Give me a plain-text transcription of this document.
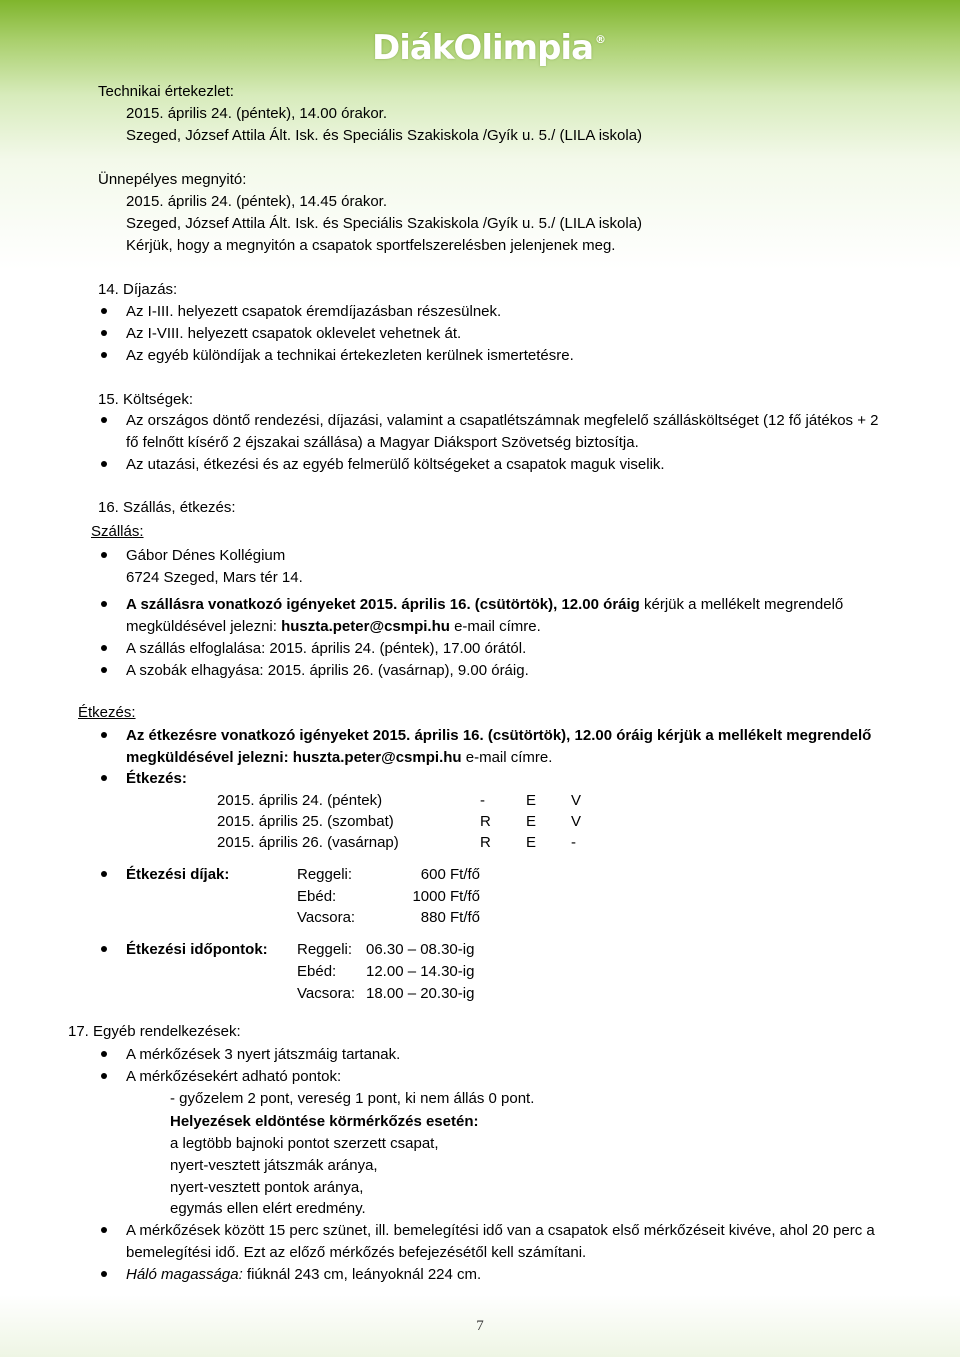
DiákOlimpia ®
Technikai értekezlet:
2015. április 24. (péntek), 14.00 órakor.
Szeged, József Attila Ált. Isk. és Speciális Szakiskola /Gyík u. 5./ (LILA iskola)
Ünnepélyes megnyitó:
2015. április 24. (péntek), 14.45 órakor.
Szeged, József Attila Ált. Isk. és Speciális Szakiskola /Gyík u. 5./ (LILA iskola)
Kérjük, hogy a megnyitón a csapatok sportfelszerelésben jelenjenek meg.
14. Díjazás:
Az I-III. helyezett csapatok éremdíjazásban részesülnek.
Az I-VIII. helyezett csapatok oklevelet vehetnek át.
Az egyéb különdíjak a technikai értekezleten kerülnek ismertetésre.
15. Költségek:
Az országos döntő rendezési, díjazási, valamint a csapatlétszámnak megfelelő szállásköltséget (12 fő játékos + 2
fő felnőtt kísérő 2 éjszakai szállása) a Magyar Diáksport Szövetség biztosítja.
Az utazási, étkezési és az egyéb felmerülő költségeket a csapatok maguk viselik.
16. Szállás, étkezés:
Szállás:
Gábor Dénes Kollégium
6724 Szeged, Mars tér 14.
A szállásra vonatkozó igényeket 2015. április 16. (csütörtök), 12.00 óráig kérjük a mellékelt megrendelő
megküldésével jelezni: huszta.peter@csmpi.hu e-mail címre.
A szállás elfoglalása: 2015. április 24. (péntek), 17.00 órától.
A szobák elhagyása: 2015. április 26. (vasárnap), 9.00 óráig.
Étkezés:
Az étkezésre vonatkozó igényeket 2015. április 16. (csütörtök), 12.00 óráig kérjük a mellékelt megrendelő
megküldésével jelezni: huszta.peter@csmpi.hu e-mail címre.
Étkezés:
2015. április 24. (péntek)	-	E V
2015. április 25. (szombat)	R E V
2015. április 26. (vasárnap)	R E -
Étkezési díjak:	Reggeli:	600 Ft/fő
Ebéd:	1000 Ft/fő
Vacsora:	880 Ft/fő
Étkezési időpontok: Reggeli: 06.30 – 08.30-ig
Ebéd: 12.00 – 14.30-ig
Vacsora: 18.00 – 20.30-ig
17. Egyéb rendelkezések:
A mérkőzések 3 nyert játszmáig tartanak.
A mérkőzésekért adható pontok:
- győzelem 2 pont, vereség 1 pont, ki nem állás 0 pont.
Helyezések eldöntése körmérkőzés esetén:
a legtöbb bajnoki pontot szerzett csapat,
nyert-vesztett játszmák aránya,
nyert-vesztett pontok aránya,
egymás ellen elért eredmény.
A mérkőzések között 15 perc szünet, ill. bemelegítési idő van a csapatok első mérkőzéseit kivéve, ahol 20 perc a
bemelegítési idő. Ezt az előző mérkőzés befejezésétől kell számítani.
Háló magassága: fiúknál 243 cm, leányoknál 224 cm.
7
